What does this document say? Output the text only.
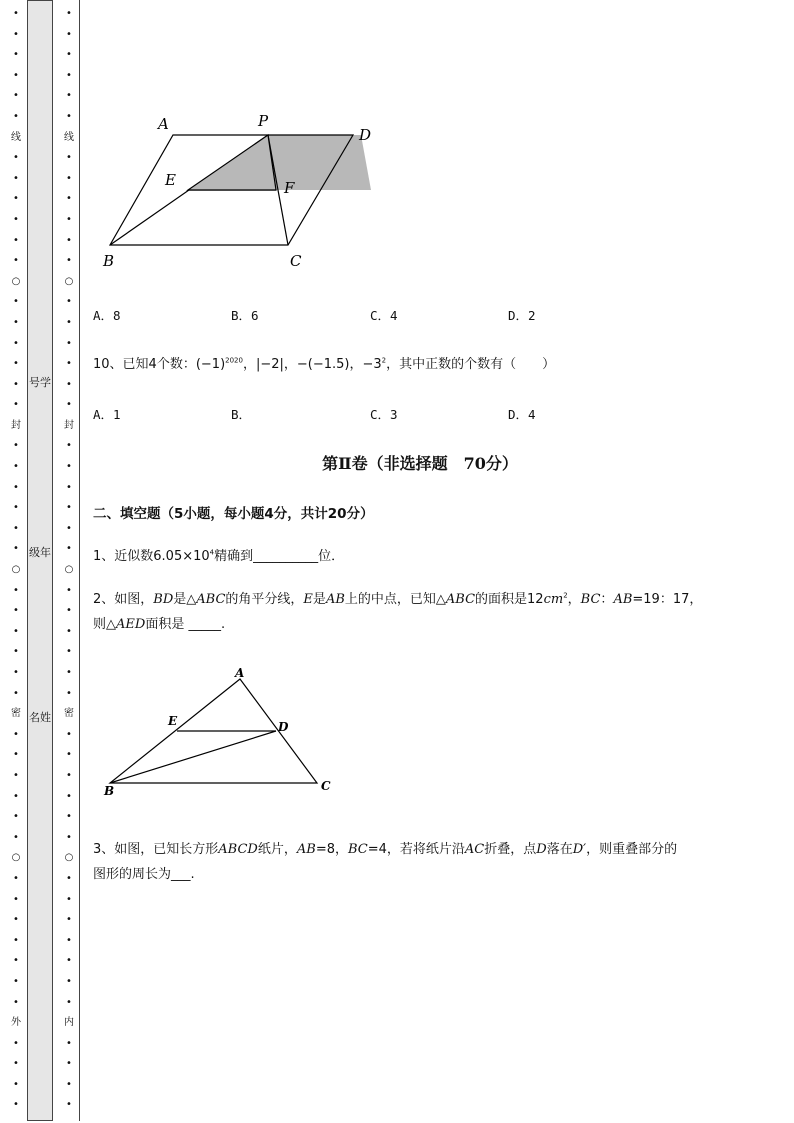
•
•
•
•
•
•
线
•
•
•
•
•
•
○
•
•
•
•
•
•
封
•
•
•
•
•
•
○
•
•
•
•
•
•
密
•
•
•
•
•
•
○
•
•
•
•
•
•
•
外
•
•
•
•
•
•
•
•
•
•
线
•
•
•
•
•
•
○
•
•
•
•
•
•
封
•
•
•
•
•
•
○
•
•
•
•
•
•
密
•
•
•
•
•
•
○
•
•
•
•
•
•
•
内
•
•
•
•
号学
级年
名姓
A	P
D
E	F
B	C
A．8	B．6	C．4	D．2
10、已知4个数：$(-1)^{2020}$，|−2|，−(−1.5)，$-3^2$，其中正数的个数有（　　）
A．1	B．	C．3	D．4
第Ⅱ卷（非选择题　70分）
二、填空题（5小题，每小题4分，共计20分）
1、近似数$6.05\times 10^4$精确到__________位．
2、如图，BD是△ABC的角平分线，E是AB上的中点，已知△ABC的面积是$12cm^2$，BC：AB=19：17，
则△AED面积是 _____.
A
E	D
B	C
3、如图，已知长方形ABCD纸片，AB=8，BC=4，若将纸片沿AC折叠，点D落在D′，则重叠部分的
图形的周长为___.
